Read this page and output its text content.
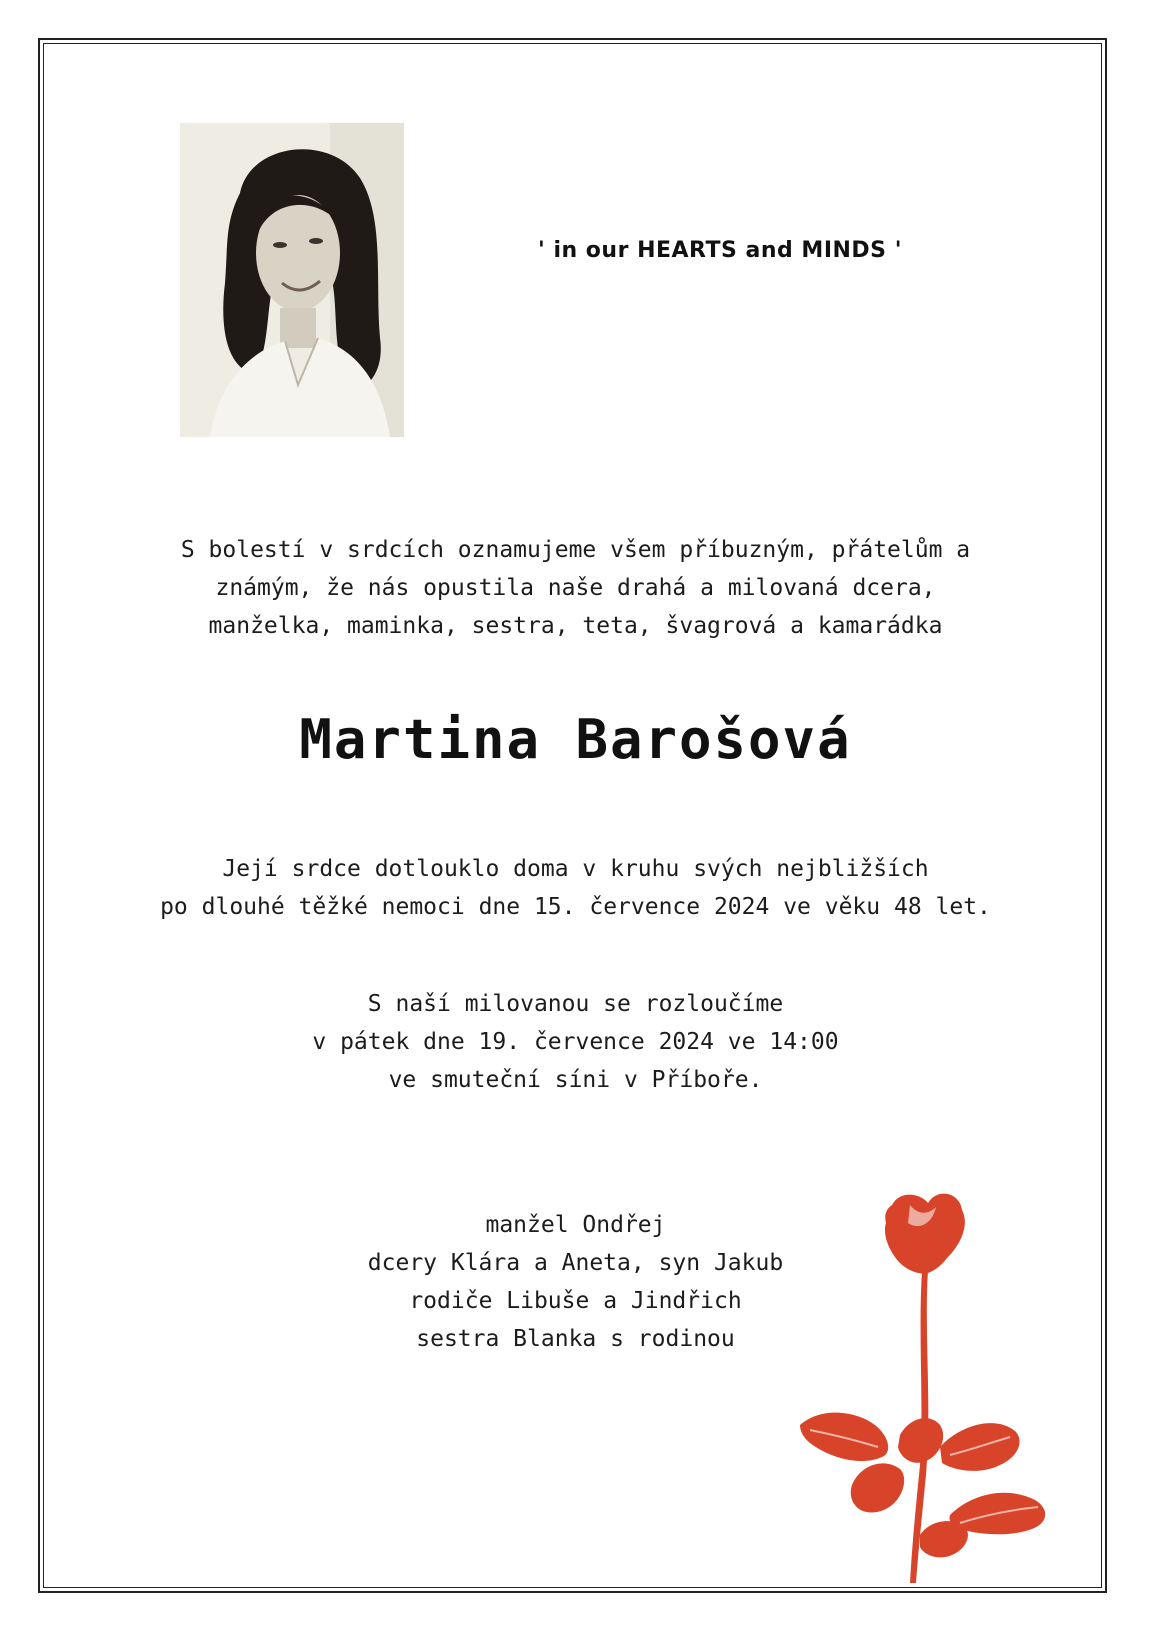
' in our HEARTS and MINDS '
S bolestí v srdcích oznamujeme všem příbuzným, přátelům a
známým, že nás opustila naše drahá a milovaná dcera,
manželka, maminka, sestra, teta, švagrová a kamarádka
Martina Barošová
Její srdce dotlouklo doma v kruhu svých nejbližších
po dlouhé těžké nemoci dne 15. července 2024 ve věku 48 let.
S naší milovanou se rozloučíme
v pátek dne 19. července 2024 ve 14:00
ve smuteční síni v Příboře.
manžel Ondřej
dcery Klára a Aneta, syn Jakub
rodiče Libuše a Jindřich
sestra Blanka s rodinou
